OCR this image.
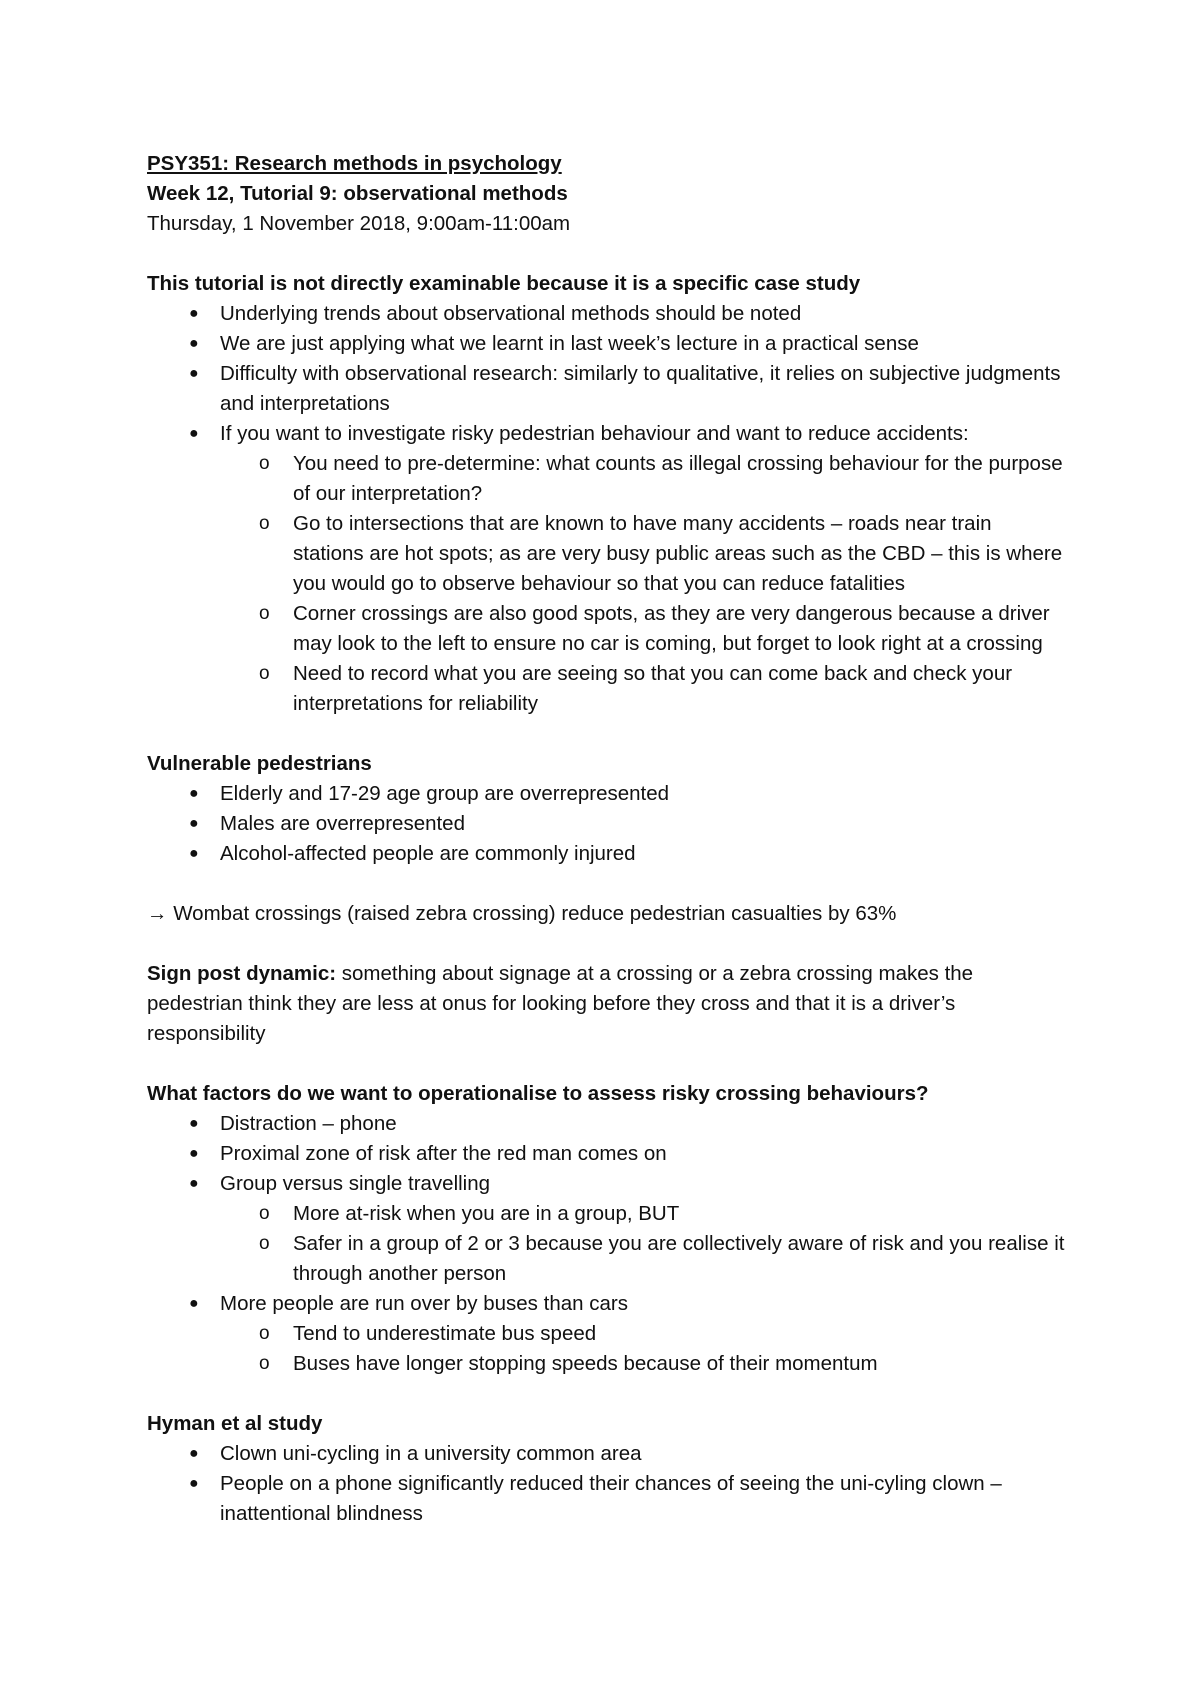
PSY351: Research methods in psychology
Week 12, Tutorial 9: observational methods
Thursday, 1 November 2018, 9:00am-11:00am
This tutorial is not directly examinable because it is a specific case study
● Underlying trends about observational methods should be noted
● We are just applying what we learnt in last week’s lecture in a practical sense
● Difficulty with observational research: similarly to qualitative, it relies on subjective judgments and interpretations
● If you want to investigate risky pedestrian behaviour and want to reduce accidents:
o You need to pre-determine: what counts as illegal crossing behaviour for the purpose of our interpretation?
o Go to intersections that are known to have many accidents – roads near train stations are hot spots; as are very busy public areas such as the CBD – this is where you would go to observe behaviour so that you can reduce fatalities
o Corner crossings are also good spots, as they are very dangerous because a driver may look to the left to ensure no car is coming, but forget to look right at a crossing
o Need to record what you are seeing so that you can come back and check your interpretations for reliability
Vulnerable pedestrians
● Elderly and 17-29 age group are overrepresented
● Males are overrepresented
● Alcohol-affected people are commonly injured
→ Wombat crossings (raised zebra crossing) reduce pedestrian casualties by 63%
Sign post dynamic: something about signage at a crossing or a zebra crossing makes the pedestrian think they are less at onus for looking before they cross and that it is a driver’s responsibility
What factors do we want to operationalise to assess risky crossing behaviours?
● Distraction – phone
● Proximal zone of risk after the red man comes on
● Group versus single travelling
o More at-risk when you are in a group, BUT
o Safer in a group of 2 or 3 because you are collectively aware of risk and you realise it through another person
● More people are run over by buses than cars
o Tend to underestimate bus speed
o Buses have longer stopping speeds because of their momentum
Hyman et al study
● Clown uni-cycling in a university common area
● People on a phone significantly reduced their chances of seeing the uni-cyling clown – inattentional blindness
